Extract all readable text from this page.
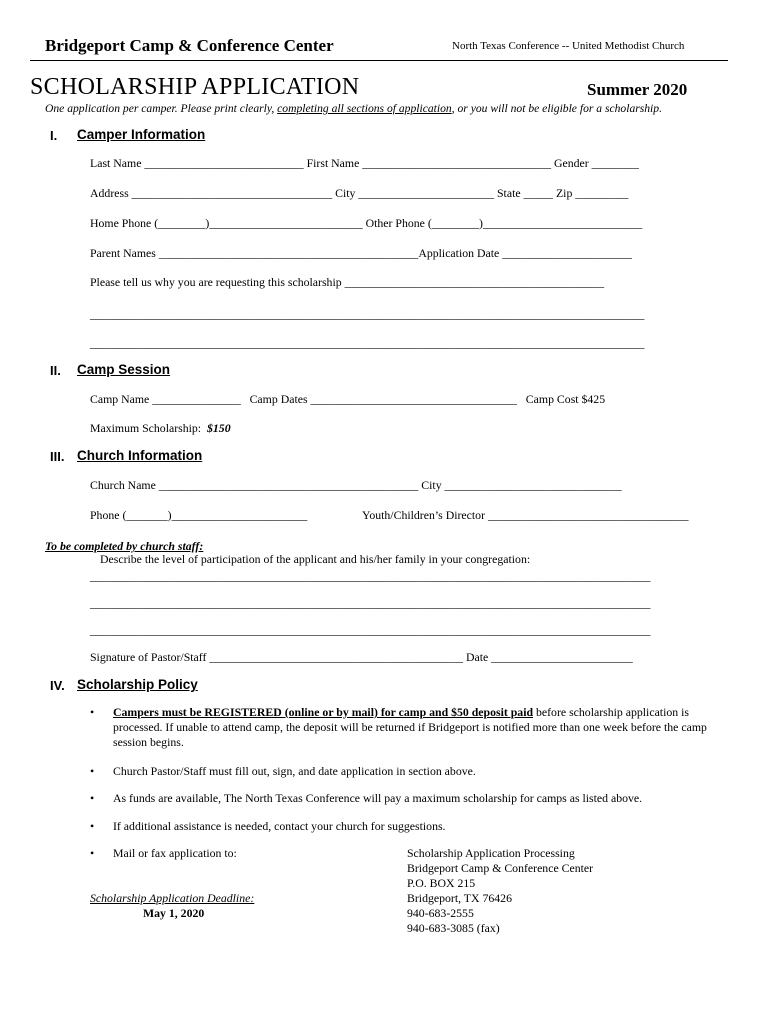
Bridgeport Camp & Conference Center	North Texas Conference -- United Methodist Church
SCHOLARSHIP APPLICATION	Summer 2020
One application per camper. Please print clearly, completing all sections of application, or you will not be eligible for a scholarship.
I. Camper Information
Last Name ___________________________ First Name ________________________________ Gender ________
Address __________________________________ City _______________________ State _____ Zip _________
Home Phone (________)__________________________ Other Phone (________)___________________________
Parent Names ____________________________________________Application Date ______________________
Please tell us why you are requesting this scholarship ____________________________________________
______________________________________________________________________________________________
______________________________________________________________________________________________
II. Camp Session
Camp Name _______________   Camp Dates ___________________________________   Camp Cost $425
Maximum Scholarship: $150
III. Church Information
Church Name ____________________________________________ City ______________________________
Phone (_______)_______________________	Youth/Children’s Director __________________________________
To be completed by church staff:
Describe the level of participation of the applicant and his/her family in your congregation:
_______________________________________________________________________________________________
_______________________________________________________________________________________________
_______________________________________________________________________________________________
Signature of Pastor/Staff ___________________________________________ Date ________________________
IV. Scholarship Policy
• Campers must be REGISTERED (online or by mail) for camp and $50 deposit paid before scholarship application is processed. If unable to attend camp, the deposit will be returned if Bridgeport is notified more than one week before the camp session begins.
• Church Pastor/Staff must fill out, sign, and date application in section above.
• As funds are available, The North Texas Conference will pay a maximum scholarship for camps as listed above.
• If additional assistance is needed, contact your church for suggestions.
• Mail or fax application to:
Scholarship Application Deadline:
May 1, 2020
Scholarship Application Processing
Bridgeport Camp & Conference Center
P.O. BOX 215
Bridgeport, TX 76426
940-683-2555
940-683-3085 (fax)
